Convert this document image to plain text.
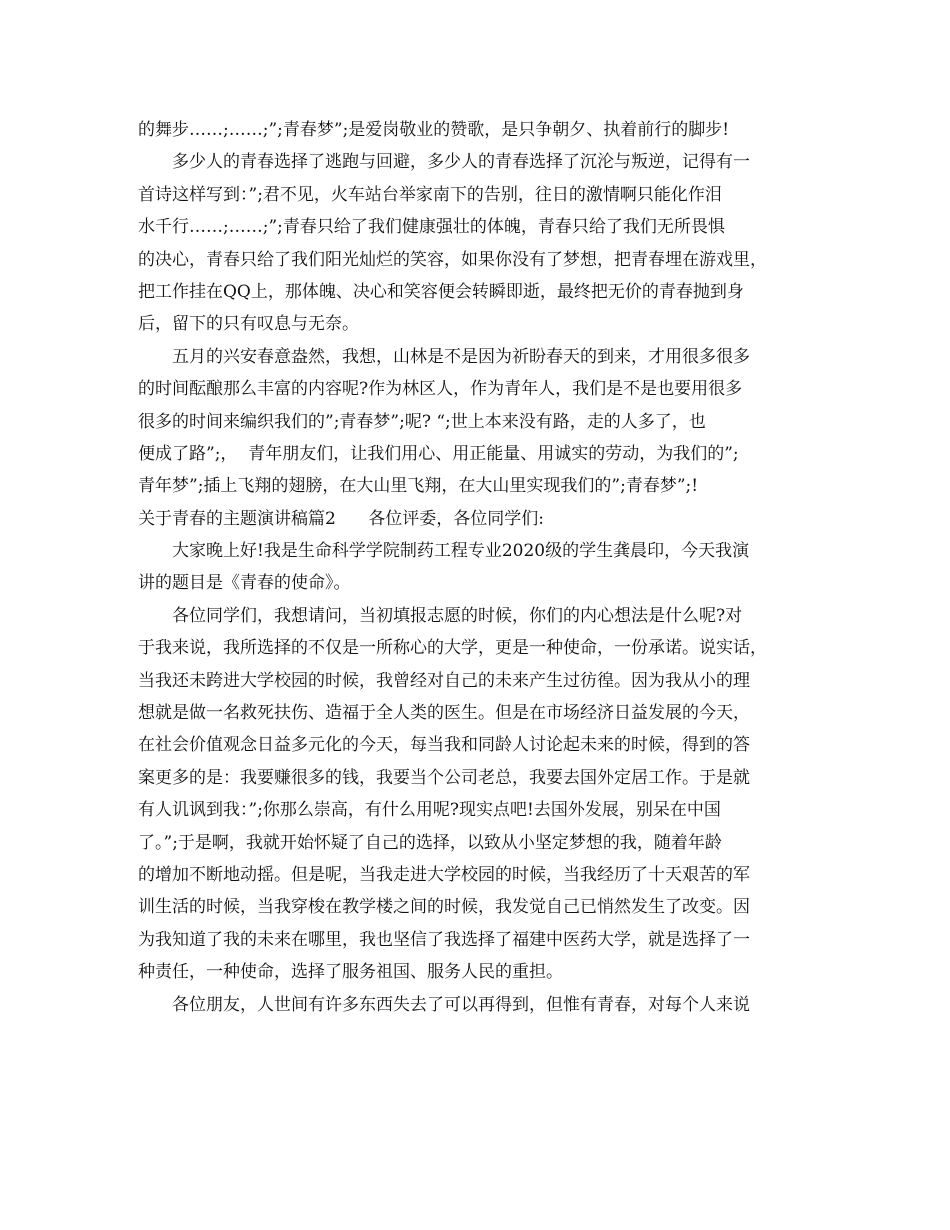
的舞步……;……;”;青春梦”;是爱岗敬业的赞歌，是只争朝夕、执着前行的脚步!
多少人的青春选择了逃跑与回避，多少人的青春选择了沉沦与叛逆，记得有一
首诗这样写到：”;君不见，火车站台举家南下的告别，往日的激情啊只能化作泪
水千行……;……;”;青春只给了我们健康强壮的体魄，青春只给了我们无所畏惧
的决心，青春只给了我们阳光灿烂的笑容，如果你没有了梦想，把青春埋在游戏里，
把工作挂在QQ上，那体魄、决心和笑容便会转瞬即逝，最终把无价的青春抛到身
后，留下的只有叹息与无奈。
五月的兴安春意盎然，我想，山林是不是因为祈盼春天的到来，才用很多很多
的时间酝酿那么丰富的内容呢?作为林区人，作为青年人，我们是不是也要用很多
很多的时间来编织我们的”;青春梦”;呢? “;世上本来没有路，走的人多了，也
便成了路”;，  青年朋友们，让我们用心、用正能量、用诚实的劳动，为我们的”;
青年梦”;插上飞翔的翅膀，在大山里飞翔，在大山里实现我们的”;青春梦”;!
关于青春的主题演讲稿篇2      各位评委，各位同学们:
大家晚上好!我是生命科学学院制药工程专业2020级的学生龚晨印，今天我演
讲的题目是《青春的使命》。
各位同学们，我想请问，当初填报志愿的时候，你们的内心想法是什么呢?对
于我来说，我所选择的不仅是一所称心的大学，更是一种使命，一份承诺。说实话，
当我还未跨进大学校园的时候，我曾经对自己的未来产生过彷徨。因为我从小的理
想就是做一名救死扶伤、造福于全人类的医生。但是在市场经济日益发展的今天，
在社会价值观念日益多元化的今天，每当我和同龄人讨论起未来的时候，得到的答
案更多的是：我要赚很多的钱，我要当个公司老总，我要去国外定居工作。于是就
有人讥讽到我：”;你那么崇高，有什么用呢?现实点吧!去国外发展，别呆在中国
了。”;于是啊，我就开始怀疑了自己的选择，以致从小坚定梦想的我，随着年龄
的增加不断地动摇。但是呢，当我走进大学校园的时候，当我经历了十天艰苦的军
训生活的时候，当我穿梭在教学楼之间的时候，我发觉自己已悄然发生了改变。因
为我知道了我的未来在哪里，我也坚信了我选择了福建中医药大学，就是选择了一
种责任，一种使命，选择了服务祖国、服务人民的重担。
各位朋友，人世间有许多东西失去了可以再得到，但惟有青春，对每个人来说
